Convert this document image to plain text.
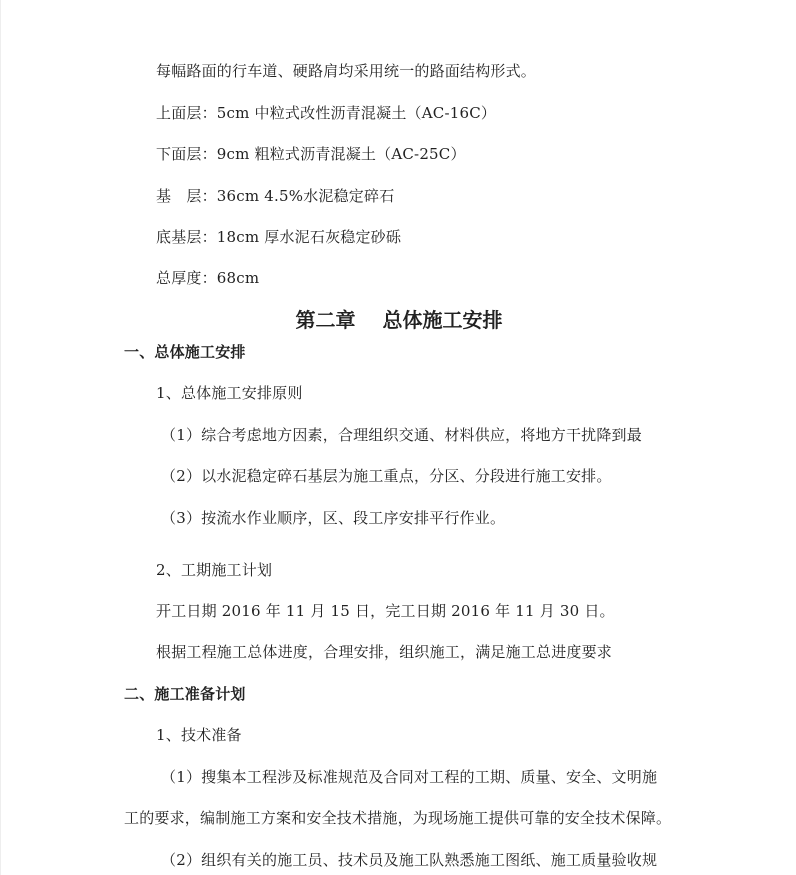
每幅路面的行车道、硬路肩均采用统一的路面结构形式。
上面层：5cm 中粒式改性沥青混凝土（AC-16C）
下面层：9cm 粗粒式沥青混凝土（AC-25C）
基　层：36cm 4.5%水泥稳定碎石
底基层：18cm 厚水泥石灰稳定砂砾
总厚度：68cm
第二章　 总体施工安排
一、总体施工安排
1、总体施工安排原则
（1）综合考虑地方因素，合理组织交通、材料供应，将地方干扰降到最
（2）以水泥稳定碎石基层为施工重点，分区、分段进行施工安排。
（3）按流水作业顺序，区、段工序安排平行作业。
2、工期施工计划
开工日期 2016 年 11 月 15 日，完工日期 2016 年 11 月 30 日。
根据工程施工总体进度，合理安排，组织施工，满足施工总进度要求
二、施工准备计划
1、技术准备
（1）搜集本工程涉及标准规范及合同对工程的工期、质量、安全、文明施
工的要求，编制施工方案和安全技术措施，为现场施工提供可靠的安全技术保障。
（2）组织有关的施工员、技术员及施工队熟悉施工图纸、施工质量验收规
